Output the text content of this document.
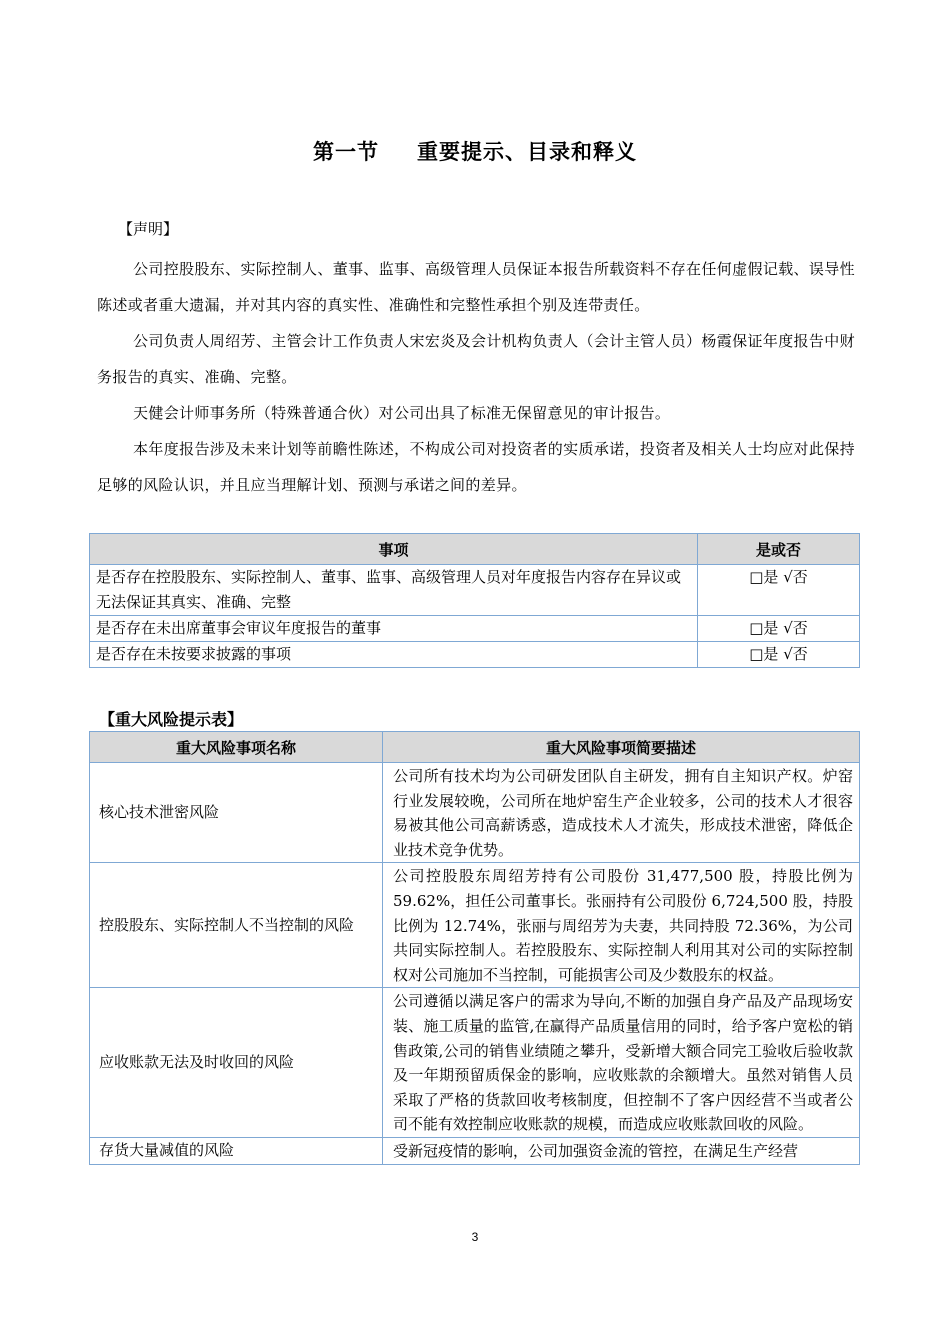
第一节 重要提示、目录和释义
【声明】

公司控股股东、实际控制人、董事、监事、高级管理人员保证本报告所载资料不存在任何虚假记载、误导性陈述或者重大遗漏，并对其内容的真实性、准确性和完整性承担个别及连带责任。

公司负责人周绍芳、主管会计工作负责人宋宏炎及会计机构负责人（会计主管人员）杨霞保证年度报告中财务报告的真实、准确、完整。

天健会计师事务所（特殊普通合伙）对公司出具了标准无保留意见的审计报告。

本年度报告涉及未来计划等前瞻性陈述，不构成公司对投资者的实质承诺，投资者及相关人士均应对此保持足够的风险认识，并且应当理解计划、预测与承诺之间的差异。

事项	是或否
是否存在控股股东、实际控制人、董事、监事、高级管理人员对年度报告内容存在异议或无法保证其真实、准确、完整	□是 √否
是否存在未出席董事会审议年度报告的董事	□是 √否
是否存在未按要求披露的事项	□是 √否
【重大风险提示表】
重大风险事项名称	重大风险事项简要描述
核心技术泄密风险	公司所有技术均为公司研发团队自主研发，拥有自主知识产权。炉窑行业发展较晚，公司所在地炉窑生产企业较多，公司的技术人才很容易被其他公司高薪诱惑，造成技术人才流失，形成技术泄密，降低企业技术竞争优势。
控股股东、实际控制人不当控制的风险	公司控股股东周绍芳持有公司股份 31,477,500 股，持股比例为59.62%，担任公司董事长。张丽持有公司股份 6,724,500 股，持股比例为 12.74%，张丽与周绍芳为夫妻，共同持股 72.36%，为公司共同实际控制人。若控股股东、实际控制人利用其对公司的实际控制权对公司施加不当控制，可能损害公司及少数股东的权益。
应收账款无法及时收回的风险	公司遵循以满足客户的需求为导向,不断的加强自身产品及产品现场安装、施工质量的监管,在赢得产品质量信用的同时，给予客户宽松的销售政策,公司的销售业绩随之攀升，受新增大额合同完工验收后验收款及一年期预留质保金的影响，应收账款的余额增大。虽然对销售人员采取了严格的货款回收考核制度，但控制不了客户因经营不当或者公司不能有效控制应收账款的规模，而造成应收账款回收的风险。
存货大量减值的风险	受新冠疫情的影响，公司加强资金流的管控，在满足生产经营
3
